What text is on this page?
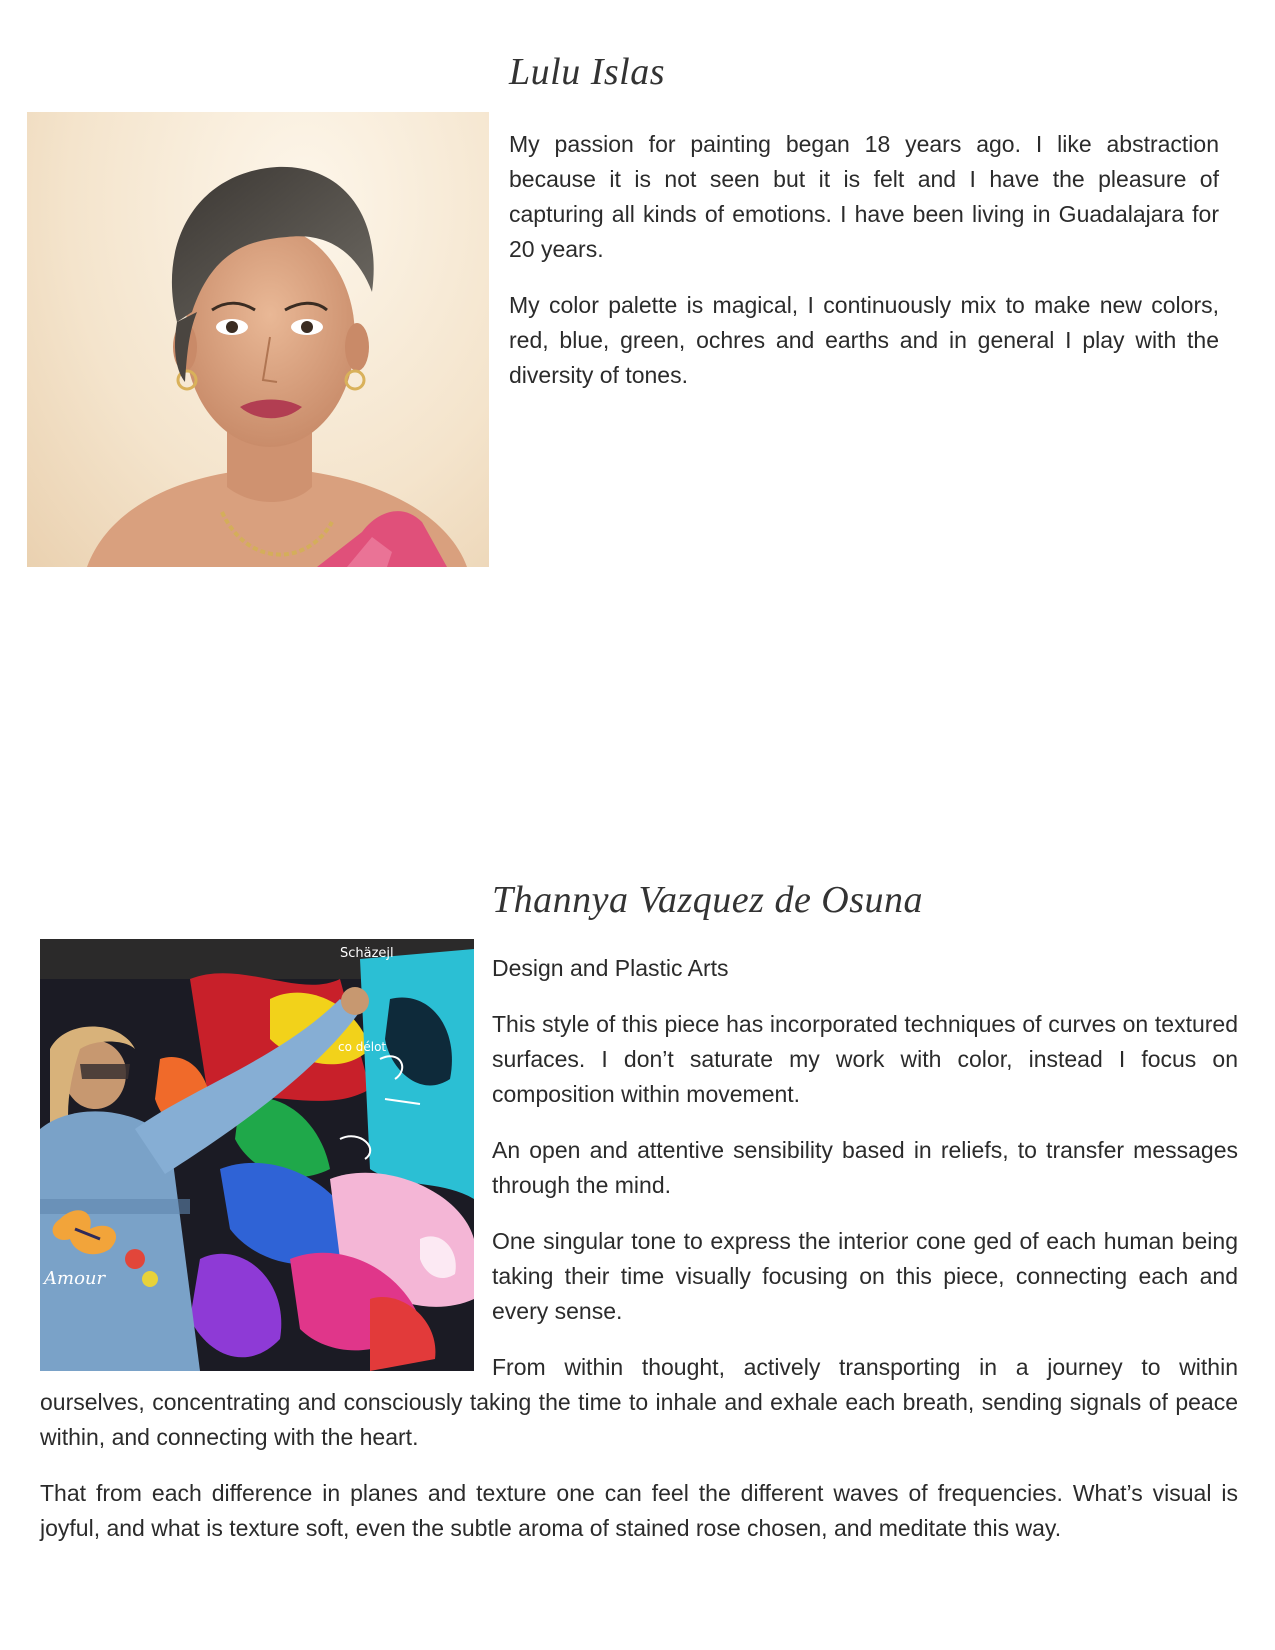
Lulu Islas

My passion for painting began 18 years ago. I like abstraction because it is not seen but it is felt and I have the pleasure of capturing all kinds of emotions. I have been living in Guadalajara for 20 years.

My color palette is magical, I continuously mix to make new colors, red, blue, green, ochres and earths and in general I play with the diversity of tones.

Thannya Vazquez de Osuna
Schäzejl
co délot
Amour

Design and Plastic Arts

This style of this piece has incorporated techniques of curves on textured surfaces. I don’t saturate my work with color, instead I focus on composition within movement.

An open and attentive sensibility based in reliefs, to transfer messages through the mind.

One singular tone to express the interior cone ged of each human being taking their time visually focusing on this piece, connecting each and every sense.

From within thought, actively transporting in a journey to within ourselves, concentrating and consciously taking the time to inhale and exhale each breath, sending signals of peace within, and connecting with the heart.

That from each difference in planes and texture one can feel the different waves of frequencies. What’s visual is joyful, and what is texture soft, even the subtle aroma of stained rose chosen, and meditate this way.
